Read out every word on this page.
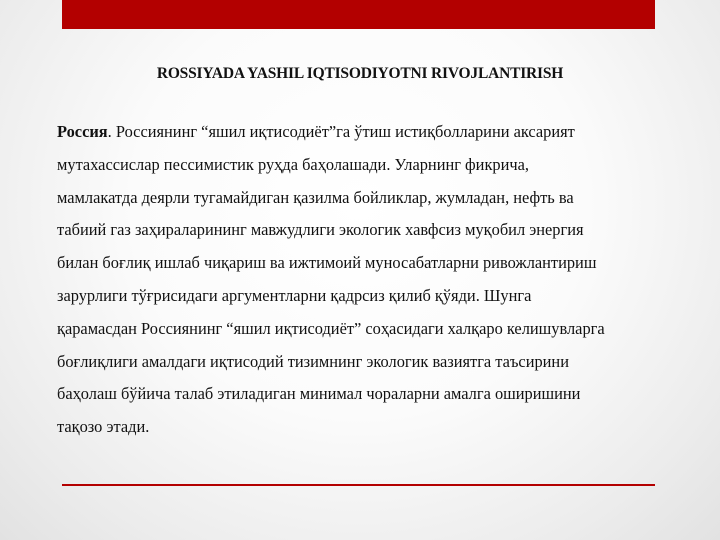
ROSSIYADA YASHIL IQTISODIYOTNI RIVOJLANTIRISH
Россия. Россиянинг “яшил иқтисодиёт”га ўтиш истиқболларини аксарият
мутахассислар пессимистик руҳда баҳолашади. Уларнинг фикрича,
мамлакатда деярли тугамайдиган қазилма бойликлар, жумладан, нефть ва
табиий газ заҳираларининг мавжудлиги экологик хавфсиз муқобил энергия
билан боғлиқ ишлаб чиқариш ва ижтимоий муносабатларни ривожлантириш
зарурлиги тўғрисидаги аргументларни қадрсиз қилиб қўяди. Шунга
қарамасдан Россиянинг “яшил иқтисодиёт” соҳасидаги халқаро келишувларга
боғлиқлиги амалдаги иқтисодий тизимнинг экологик вазиятга таъсирини
баҳолаш бўйича талаб этиладиган минимал чораларни амалга оширишини
тақозо этади.
